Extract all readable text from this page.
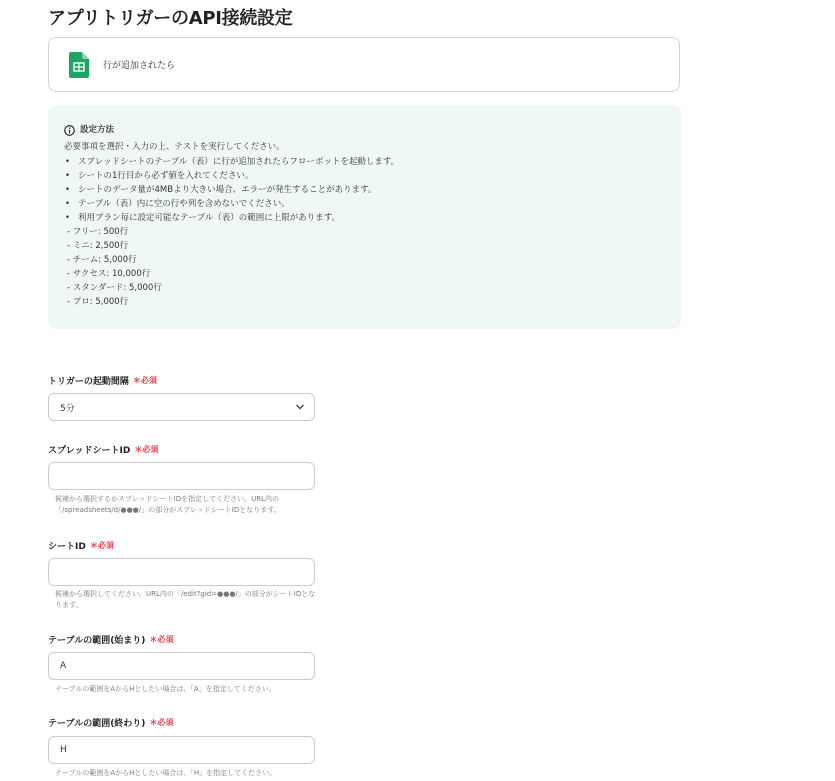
アプリトリガーのAPI接続設定
行が追加されたら
設定方法
必要事項を選択・入力の上、テストを実行してください。
• スプレッドシートのテーブル（表）に行が追加されたらフローボットを起動します。
• シートの1行目から必ず値を入れてください。
• シートのデータ量が4MBより大きい場合、エラーが発生することがあります。
• テーブル（表）内に空の行や列を含めないでください。
• 利用プラン毎に設定可能なテーブル（表）の範囲に上限があります。
- フリー: 500行
- ミニ: 2,500行
- チーム: 5,000行
- サクセス: 10,000行
- スタンダード: 5,000行
- プロ: 5,000行
トリガーの起動間隔 ＊必須
5分
スプレッドシートID ＊必須
候補から選択するかスプレッドシートIDを指定してください。URL内の「/spreadsheets/d/●●●/」の部分がスプレッドシートIDとなります。
シートID ＊必須
候補から選択してください。URL内の「/edit?gid=●●●/」の部分がシートIDとなります。
テーブルの範囲(始まり) ＊必須
A
テーブルの範囲をAからHとしたい場合は、「A」を指定してください。
テーブルの範囲(終わり) ＊必須
H
テーブルの範囲をAからHとしたい場合は、「H」を指定してください。
